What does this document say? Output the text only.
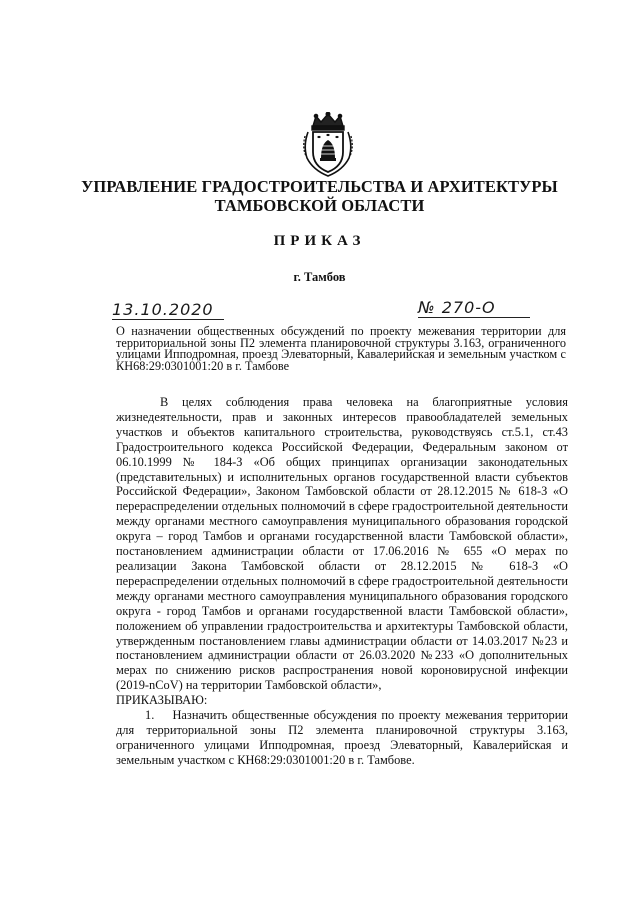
УПРАВЛЕНИЕ ГРАДОСТРОИТЕЛЬСТВА И АРХИТЕКТУРЫ
ТАМБОВСКОЙ ОБЛАСТИ
ПРИКАЗ
г. Тамбов
13.10.2020	№ 270-О
О назначении общественных обсуждений по проекту межевания территории для территориальной зоны П2 элемента планировочной структуры 3.163, ограниченного улицами Ипподромная, проезд Элеваторный, Кавалерийская и земельным участком с КН68:29:0301001:20 в г. Тамбове

В целях соблюдения права человека на благоприятные условия жизнедеятельности, прав и законных интересов правообладателей земельных участков и объектов капитального строительства, руководствуясь ст.5.1, ст.43 Градостроительного кодекса Российской Федерации, Федеральным законом от 06.10.1999 № 184-З «Об общих принципах организации законодательных (представительных) и исполнительных органов государственной власти субъектов Российской Федерации», Законом Тамбовской области от 28.12.2015 № 618-З «О перераспределении отдельных полномочий в сфере градостроительной деятельности между органами местного самоуправления муниципального образования городской округа – город Тамбов и органами государственной власти Тамбовской области», постановлением администрации области от 17.06.2016 № 655 «О мерах по реализации Закона Тамбовской области от 28.12.2015 № 618-З «О перераспределении отдельных полномочий в сфере градостроительной деятельности между органами местного самоуправления муниципального образования городского округа - город Тамбов и органами государственной власти Тамбовской области», положением об управлении градостроительства и архитектуры Тамбовской области, утвержденным постановлением главы администрации области от 14.03.2017 №23 и постановлением администрации области от 26.03.2020 №233 «О дополнительных мерах по снижению рисков распространения новой короновирусной инфекции (2019-nCoV) на территории Тамбовской области»,

ПРИКАЗЫВАЮ:

1. Назначить общественные обсуждения по проекту межевания территории для территориальной зоны П2 элемента планировочной структуры 3.163, ограниченного улицами Ипподромная, проезд Элеваторный, Кавалерийская и земельным участком с КН68:29:0301001:20 в г. Тамбове.
